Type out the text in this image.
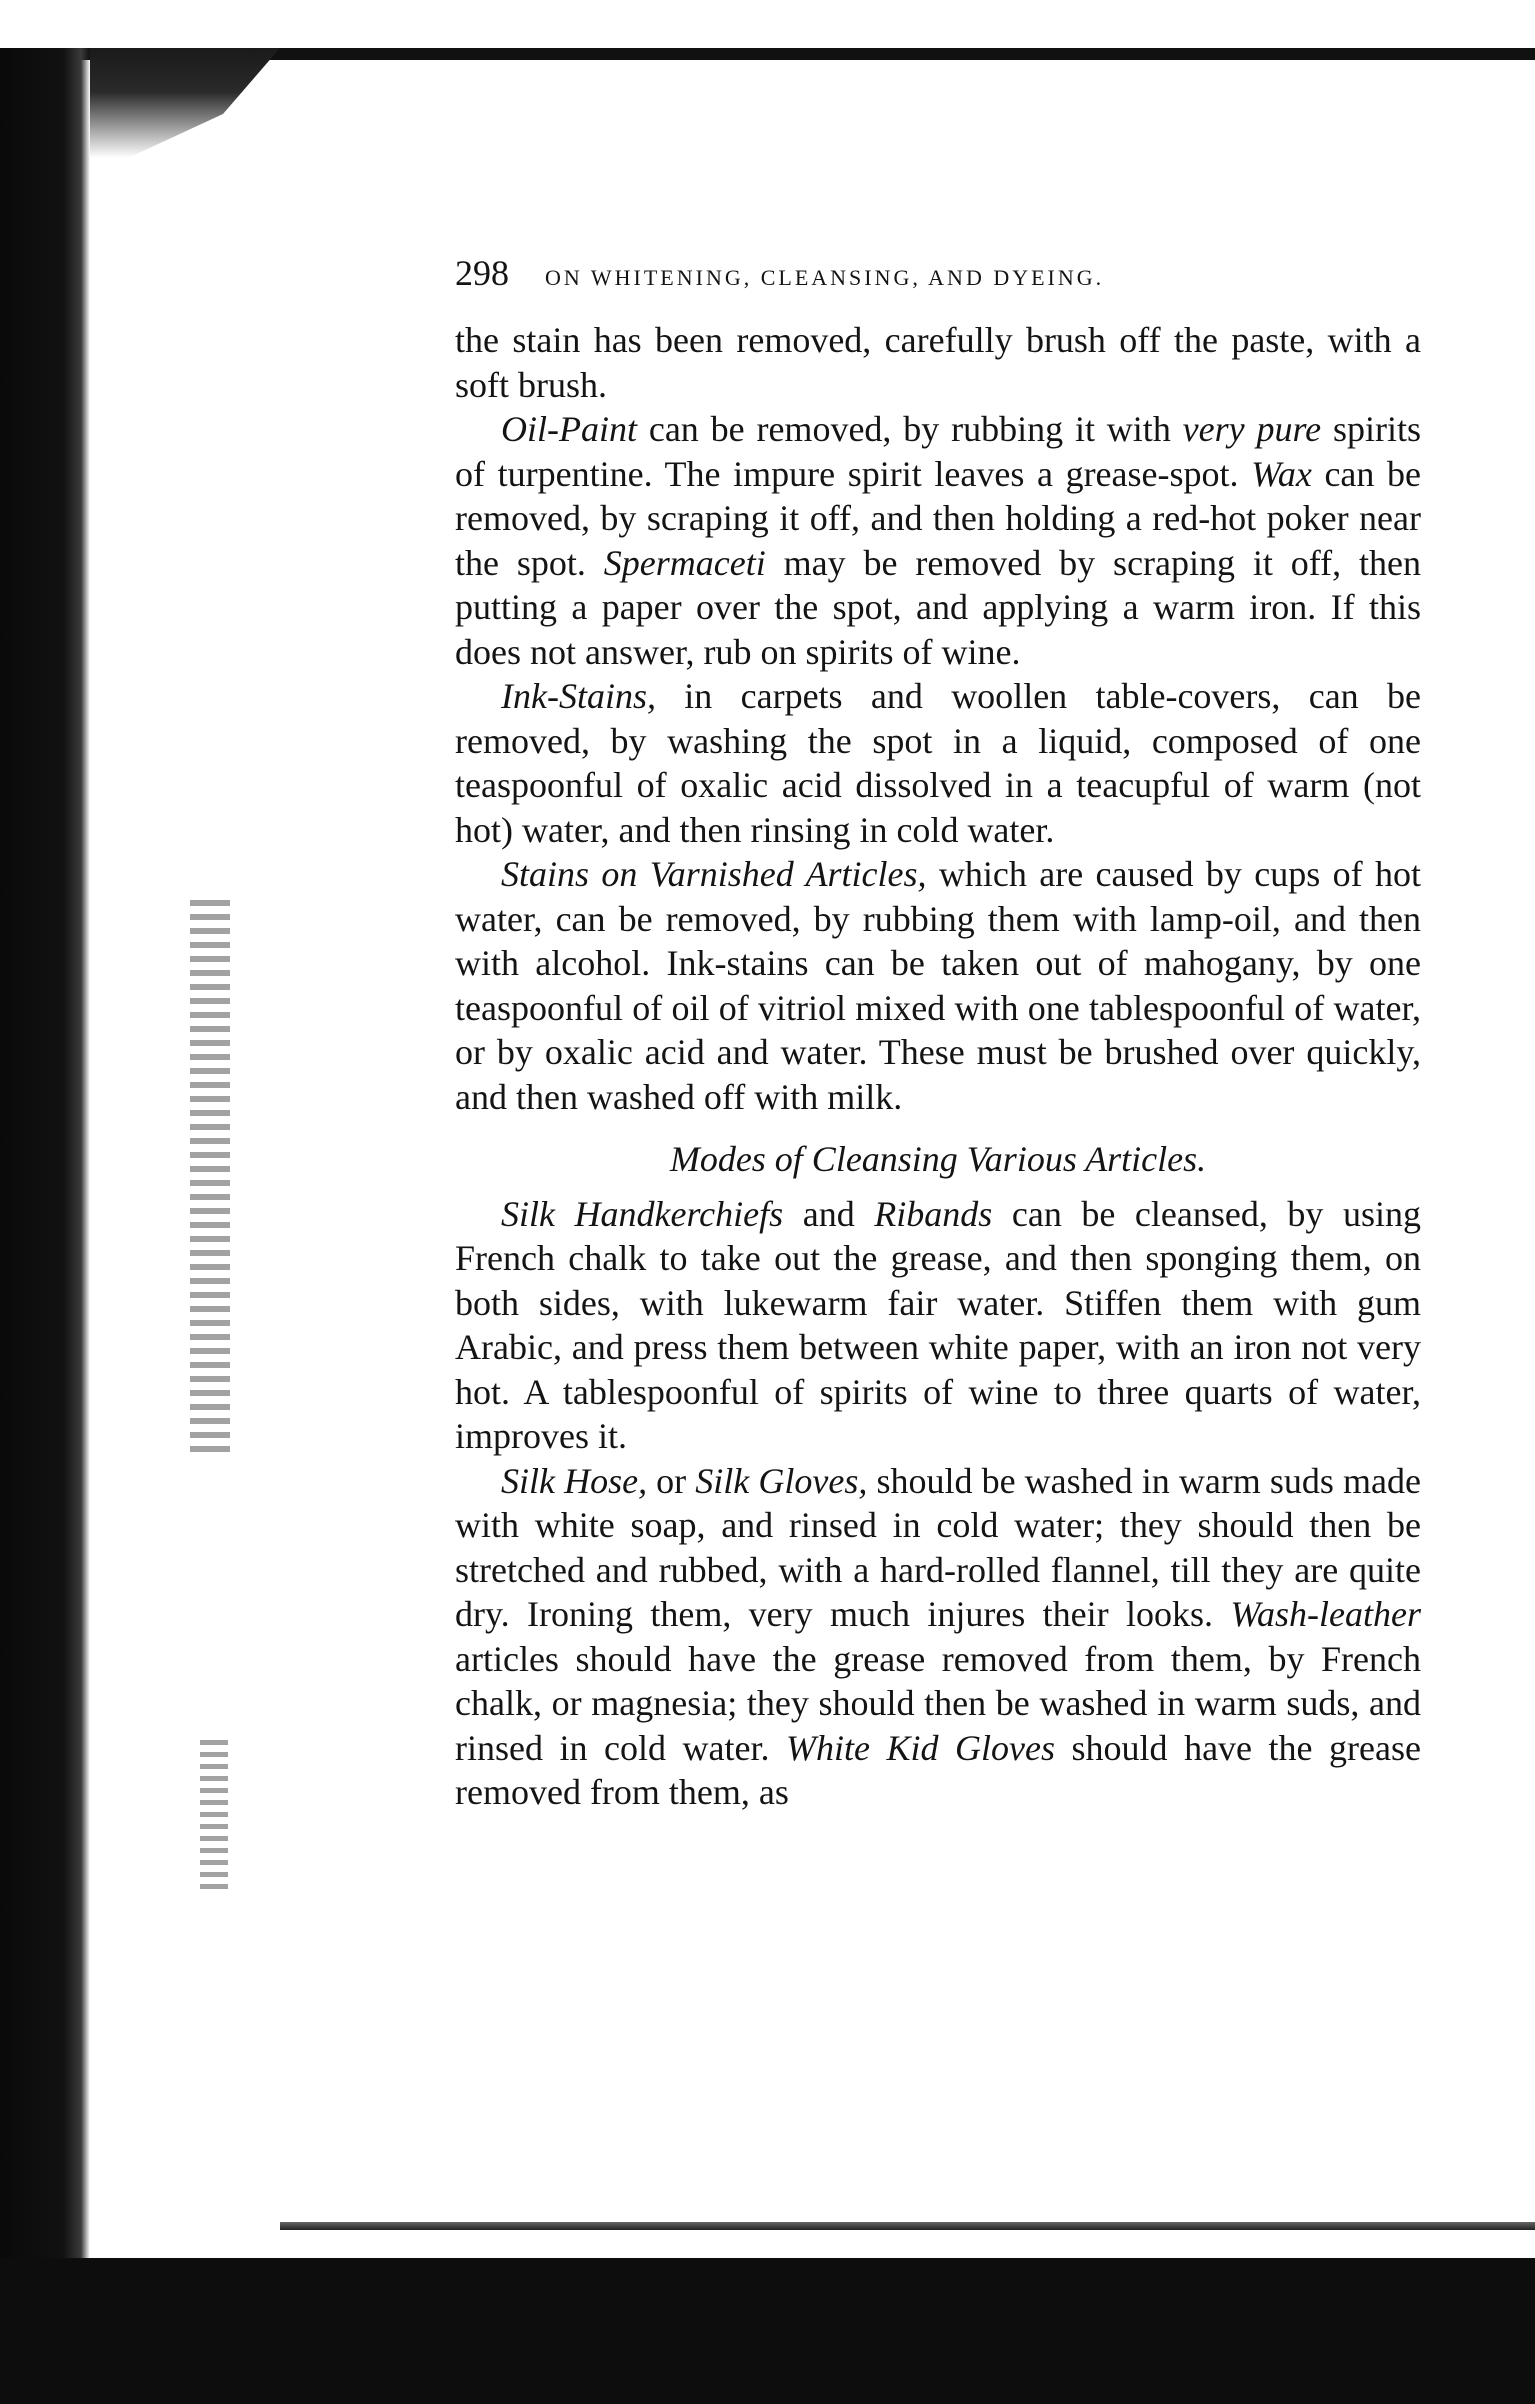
298 ON WHITENING, CLEANSING, AND DYEING.

the stain has been removed, carefully brush off the paste, with a soft brush.

Oil-Paint can be removed, by rubbing it with very pure spirits of turpentine. The impure spirit leaves a grease-spot. Wax can be removed, by scraping it off, and then holding a red-hot poker near the spot. Spermaceti may be removed by scraping it off, then putting a paper over the spot, and applying a warm iron. If this does not answer, rub on spirits of wine.

Ink-Stains, in carpets and woollen table-covers, can be removed, by washing the spot in a liquid, composed of one teaspoonful of oxalic acid dissolved in a teacupful of warm (not hot) water, and then rinsing in cold water.

Stains on Varnished Articles, which are caused by cups of hot water, can be removed, by rubbing them with lamp-oil, and then with alcohol. Ink-stains can be taken out of mahogany, by one teaspoonful of oil of vitriol mixed with one tablespoonful of water, or by oxalic acid and water. These must be brushed over quickly, and then washed off with milk.

Modes of Cleansing Various Articles.

Silk Handkerchiefs and Ribands can be cleansed, by using French chalk to take out the grease, and then sponging them, on both sides, with lukewarm fair water. Stiffen them with gum Arabic, and press them between white paper, with an iron not very hot. A tablespoonful of spirits of wine to three quarts of water, improves it.

Silk Hose, or Silk Gloves, should be washed in warm suds made with white soap, and rinsed in cold water; they should then be stretched and rubbed, with a hard-rolled flannel, till they are quite dry. Ironing them, very much injures their looks. Wash-leather articles should have the grease removed from them, by French chalk, or magnesia; they should then be washed in warm suds, and rinsed in cold water. White Kid Gloves should have the grease removed from them, as
